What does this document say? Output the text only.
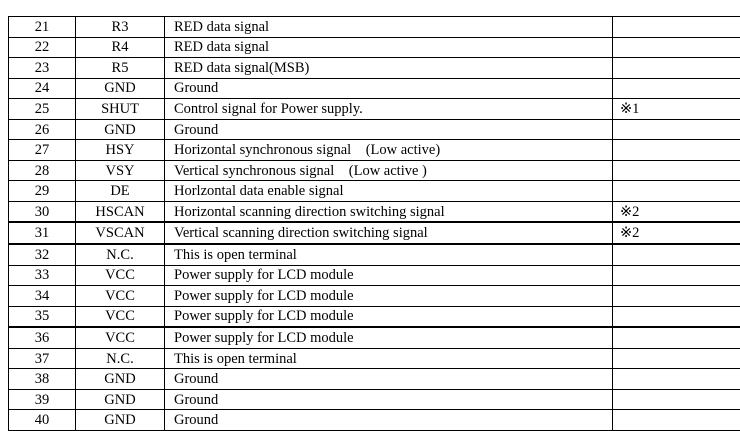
21	R3	RED data signal	
22	R4	RED data signal	
23	R5	RED data signal(MSB)	
24	GND	Ground	
25	SHUT	Control signal for Power supply.	※1
26	GND	Ground	
27	HSY	Horizontal synchronous signal　(Low active)	
28	VSY	Vertical synchronous signal　(Low active )	
29	DE	Horlzontal data enable signal	
30	HSCAN	Horizontal scanning direction switching signal	※2
31	VSCAN	Vertical scanning direction switching signal	※2
32	N.C.	This is open terminal	
33	VCC	Power supply for LCD module	
34	VCC	Power supply for LCD module	
35	VCC	Power supply for LCD module	
36	VCC	Power supply for LCD module	
37	N.C.	This is open terminal	
38	GND	Ground	
39	GND	Ground	
40	GND	Ground	
